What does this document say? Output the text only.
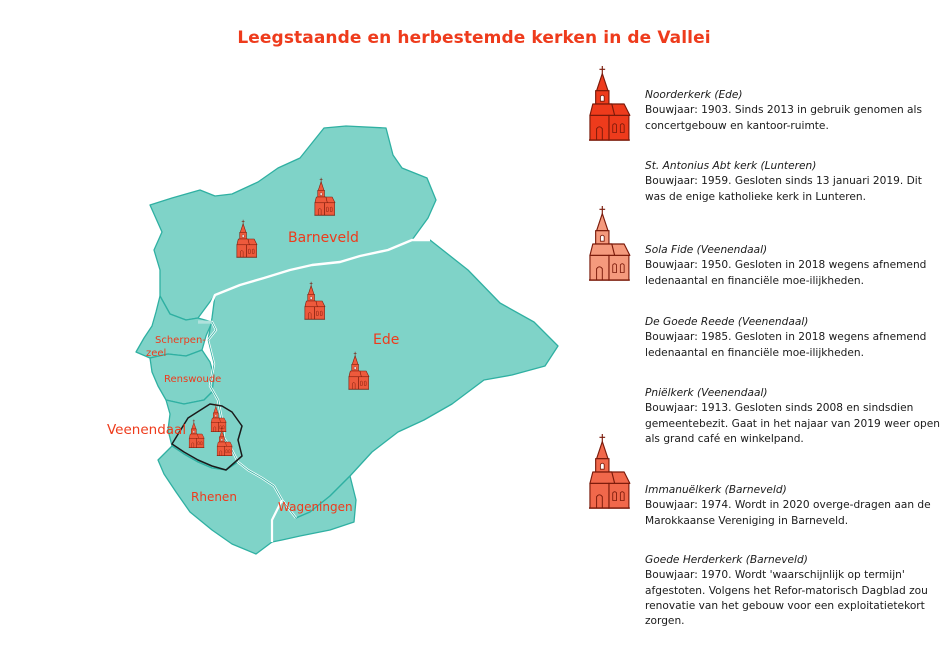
Leegstaande en herbestemde kerken in de Vallei
Barneveld
Ede
Scherpen-
zeel
Renswoude
Veenendaal
Rhenen
Wageningen
Noorderkerk (Ede)
Bouwjaar: 1903. Sinds 2013 in gebruik genomen als concertgebouw en kantoor-ruimte.
St. Antonius Abt kerk (Lunteren)
Bouwjaar: 1959. Gesloten sinds 13 januari 2019. Dit was de enige katholieke kerk in Lunteren.
Sola Fide (Veenendaal)
Bouwjaar: 1950. Gesloten in 2018 wegens afnemend ledenaantal en financiële moe-ilijkheden.
De Goede Reede (Veenendaal)
Bouwjaar: 1985. Gesloten in 2018 wegens afnemend ledenaantal en financiële moe-ilijkheden.
Pniëlkerk (Veenendaal)
Bouwjaar: 1913. Gesloten sinds 2008 en sindsdien gemeentebezit. Gaat in het najaar van 2019 weer open als grand café en winkelpand.
Immanuëlkerk (Barneveld)
Bouwjaar: 1974. Wordt in 2020 overge-dragen aan de Marokkaanse Vereniging in Barneveld.
Goede Herderkerk (Barneveld)
Bouwjaar: 1970. Wordt 'waarschijnlijk op termijn' afgestoten. Volgens het Refor-matorisch Dagblad zou renovatie van het gebouw voor een exploitatietekort zorgen.
